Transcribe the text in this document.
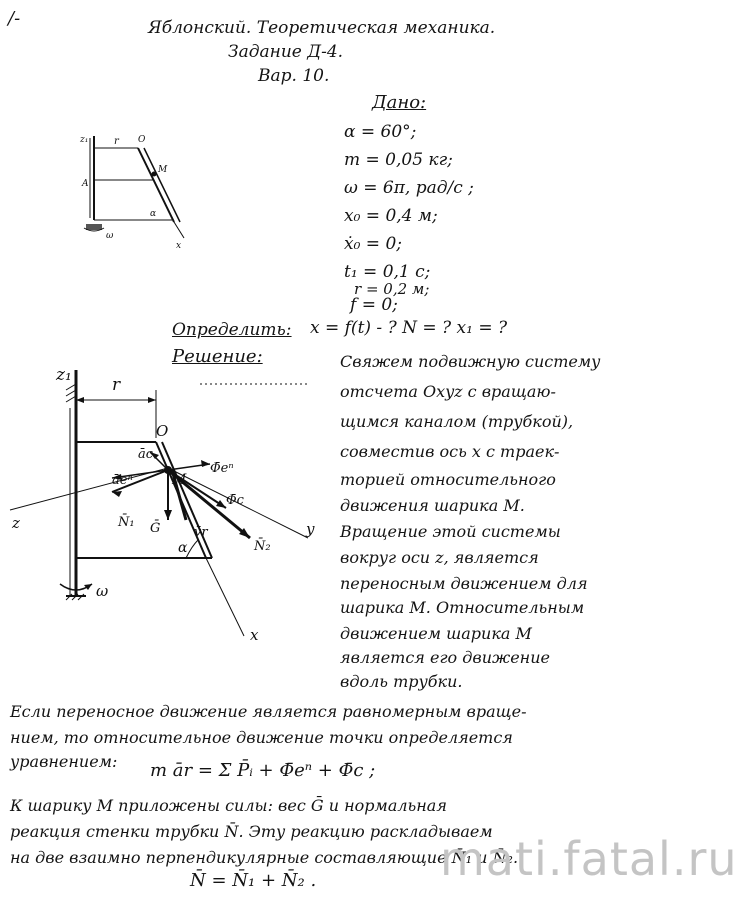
/-	Яблонский. Теоретическая механика.
Задание Д-4.
Вар. 10.
Дано:
α = 60°;
m = 0,05 кг;
ω = 6π, рад/с ;
x₀ = 0,4 м;
ẋ₀ = 0;
t₁ = 0,1 с;
r = 0,2 м;
f = 0;
z₁	r O
M
A
α
ω
x
Определить: x = f(t) - ? N = ? x₁ = ?
Решение:
z₁ r
O
M
z	y
x
āc
āeⁿ
N̄₁ Ḡ	v̄r
N̄₂
Φ̄eⁿ
Φ̄c
α
ω
Свяжем подвижную систему
отсчета Oxyz с вращаю-
щимся каналом (трубкой),
совместив ось x с траек-
торией относительного
движения шарика M.
Вращение этой системы
вокруг оси z, является
переносным движением для
шарика M. Относительным
движением шарика M
является его движение
вдоль трубки.
Если переносное движение является равномерным враще-
нием, то относительное движение точки определяется
уравнением: m ār = Σ P̄ᵢ + Φ̄eⁿ + Φ̄c ;
К шарику M приложены силы: вес Ḡ и нормальная
реакция стенки трубки N̄. Эту реакцию раскладываем
на две взаимно перпендикулярные составляющие N̄₁ и N̄₂.
N̄ = N̄₁ + N̄₂ .	mati.fatal.ru
